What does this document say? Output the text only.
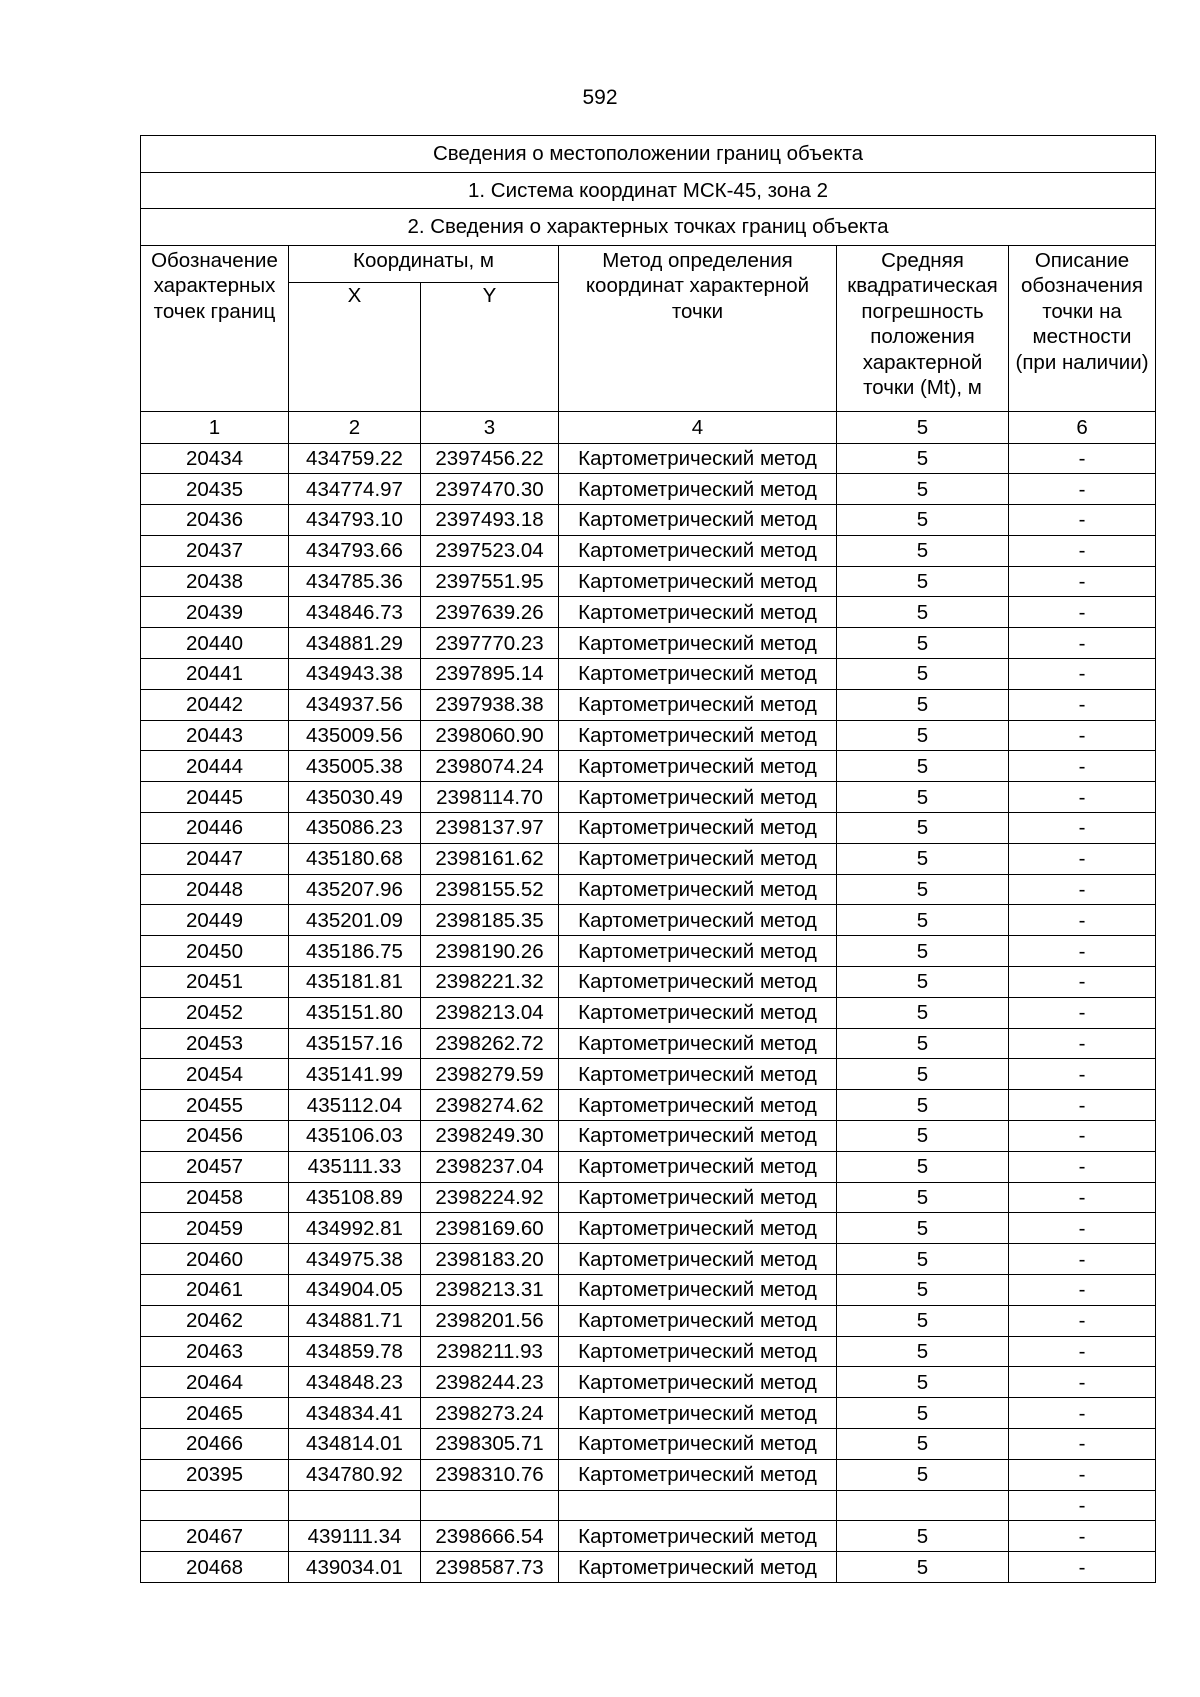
592
Сведения о местоположении границ объекта					
1. Система координат МСК-45, зона 2					
2. Сведения о характерных точках границ объекта					
Обозначение характерных точек границ	Координаты, м		Метод определения координат характерной точки	Средняя квадратическая погрешность положения характерной точки (Mt), м	Описание обозначения точки на местности (при наличии)
	X	Y			
1	2	3	4	5	6
20434	434759.22	2397456.22	Картометрический метод	5	-
20435	434774.97	2397470.30	Картометрический метод	5	-
20436	434793.10	2397493.18	Картометрический метод	5	-
20437	434793.66	2397523.04	Картометрический метод	5	-
20438	434785.36	2397551.95	Картометрический метод	5	-
20439	434846.73	2397639.26	Картометрический метод	5	-
20440	434881.29	2397770.23	Картометрический метод	5	-
20441	434943.38	2397895.14	Картометрический метод	5	-
20442	434937.56	2397938.38	Картометрический метод	5	-
20443	435009.56	2398060.90	Картометрический метод	5	-
20444	435005.38	2398074.24	Картометрический метод	5	-
20445	435030.49	2398114.70	Картометрический метод	5	-
20446	435086.23	2398137.97	Картометрический метод	5	-
20447	435180.68	2398161.62	Картометрический метод	5	-
20448	435207.96	2398155.52	Картометрический метод	5	-
20449	435201.09	2398185.35	Картометрический метод	5	-
20450	435186.75	2398190.26	Картометрический метод	5	-
20451	435181.81	2398221.32	Картометрический метод	5	-
20452	435151.80	2398213.04	Картометрический метод	5	-
20453	435157.16	2398262.72	Картометрический метод	5	-
20454	435141.99	2398279.59	Картометрический метод	5	-
20455	435112.04	2398274.62	Картометрический метод	5	-
20456	435106.03	2398249.30	Картометрический метод	5	-
20457	435111.33	2398237.04	Картометрический метод	5	-
20458	435108.89	2398224.92	Картометрический метод	5	-
20459	434992.81	2398169.60	Картометрический метод	5	-
20460	434975.38	2398183.20	Картометрический метод	5	-
20461	434904.05	2398213.31	Картометрический метод	5	-
20462	434881.71	2398201.56	Картометрический метод	5	-
20463	434859.78	2398211.93	Картометрический метод	5	-
20464	434848.23	2398244.23	Картометрический метод	5	-
20465	434834.41	2398273.24	Картометрический метод	5	-
20466	434814.01	2398305.71	Картометрический метод	5	-
20395	434780.92	2398310.76	Картометрический метод	5	-
					-
20467	439111.34	2398666.54	Картометрический метод	5	-
20468	439034.01	2398587.73	Картометрический метод	5	-
